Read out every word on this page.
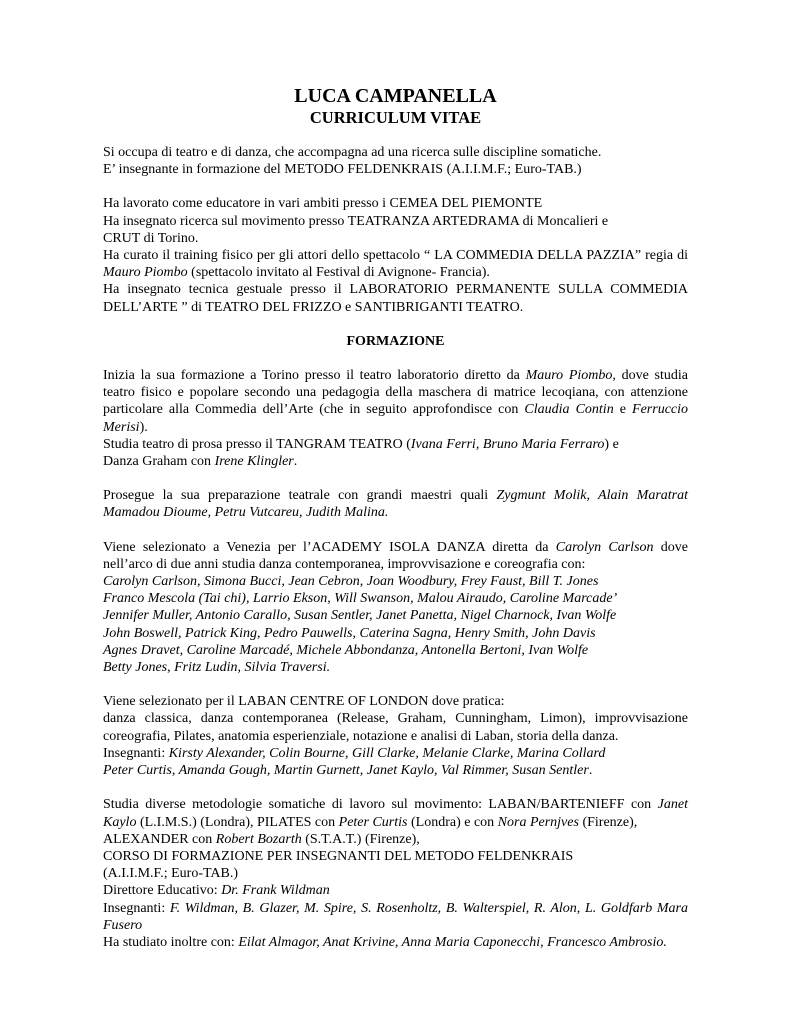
LUCA CAMPANELLA
CURRICULUM VITAE
Si occupa di teatro e di danza, che accompagna ad una ricerca sulle discipline somatiche.
E’ insegnante in formazione del METODO FELDENKRAIS (A.I.I.M.F.; Euro-TAB.)
Ha lavorato come educatore in vari ambiti presso i CEMEA DEL PIEMONTE
Ha insegnato ricerca sul movimento presso TEATRANZA ARTEDRAMA di Moncalieri e
CRUT di Torino.
Ha curato il training fisico per gli attori dello spettacolo “ LA COMMEDIA DELLA PAZZIA” regia di Mauro Piombo (spettacolo invitato al Festival di Avignone- Francia).
Ha insegnato tecnica gestuale presso il LABORATORIO PERMANENTE SULLA COMMEDIA DELL’ARTE ” di TEATRO DEL FRIZZO e SANTIBRIGANTI TEATRO.
FORMAZIONE
Inizia la sua formazione a Torino presso il teatro laboratorio diretto da Mauro Piombo, dove studia teatro fisico e popolare secondo una pedagogia della maschera di matrice lecoqiana, con attenzione particolare alla Commedia dell’Arte (che in seguito approfondisce con Claudia Contin e Ferruccio Merisi).
Studia teatro di prosa presso il TANGRAM TEATRO (Ivana Ferri, Bruno Maria Ferraro) e
Danza Graham con Irene Klingler.
Prosegue la sua preparazione teatrale con grandi maestri quali Zygmunt Molik, Alain Maratrat Mamadou Dioume, Petru Vutcareu, Judith Malina.
Viene selezionato a Venezia per l’ACADEMY ISOLA DANZA diretta da Carolyn Carlson dove nell’arco di due anni studia danza contemporanea, improvvisazione e coreografia con:
Carolyn Carlson, Simona Bucci, Jean Cebron, Joan Woodbury, Frey Faust, Bill T. Jones
Franco Mescola (Tai chi), Larrio Ekson, Will Swanson, Malou Airaudo, Caroline Marcade’
Jennifer Muller, Antonio Carallo, Susan Sentler, Janet Panetta, Nigel Charnock, Ivan Wolfe
John Boswell, Patrick King, Pedro Pauwells, Caterina Sagna, Henry Smith, John Davis
Agnes Dravet, Caroline Marcadé, Michele Abbondanza, Antonella Bertoni, Ivan Wolfe
Betty Jones, Fritz Ludin, Silvia Traversi.
Viene selezionato per il LABAN CENTRE OF LONDON dove pratica:
danza classica, danza contemporanea (Release, Graham, Cunningham, Limon), improvvisazione coreografia, Pilates, anatomia esperienziale, notazione e analisi di Laban, storia della danza.
Insegnanti: Kirsty Alexander, Colin Bourne, Gill Clarke, Melanie Clarke, Marina Collard
Peter Curtis, Amanda Gough, Martin Gurnett, Janet Kaylo, Val Rimmer, Susan Sentler.
Studia diverse metodologie somatiche di lavoro sul movimento: LABAN/BARTENIEFF con Janet Kaylo (L.I.M.S.) (Londra), PILATES con Peter Curtis (Londra) e con Nora Pernjves (Firenze),
ALEXANDER con Robert Bozarth (S.T.A.T.) (Firenze),
CORSO DI FORMAZIONE PER INSEGNANTI DEL METODO FELDENKRAIS
(A.I.I.M.F.; Euro-TAB.)
Direttore Educativo: Dr. Frank Wildman
Insegnanti: F. Wildman, B. Glazer, M. Spire, S. Rosenholtz, B. Walterspiel, R. Alon, L. Goldfarb Mara Fusero
Ha studiato inoltre con: Eilat Almagor, Anat Krivine, Anna Maria Caponecchi, Francesco Ambrosio.
